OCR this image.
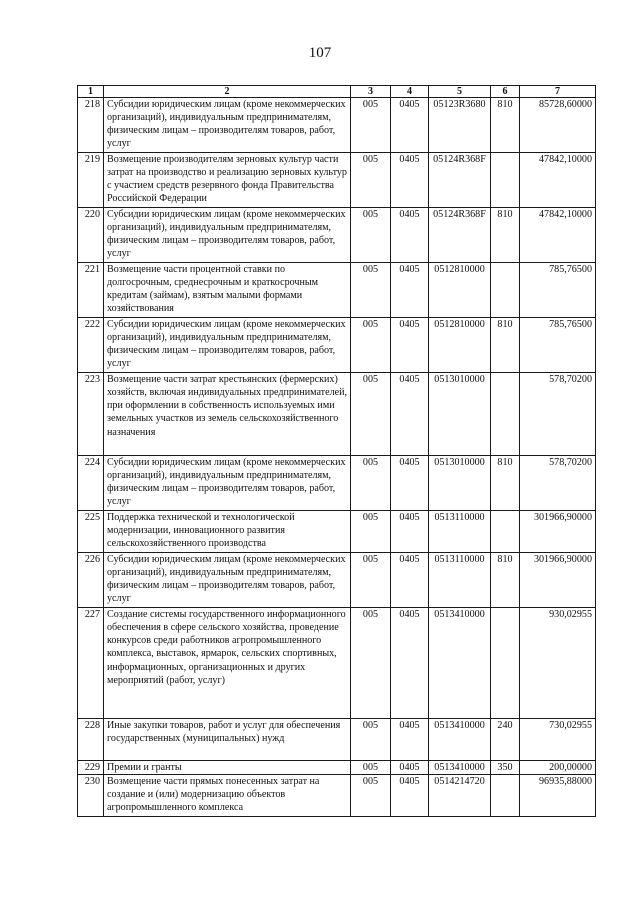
107
1	2	3	4	5	6	7
218	Субсидии юридическим лицам (кроме некоммерческих организаций), индивидуальным предпринимателям, физическим лицам – производителям товаров, работ, услуг	005	0405	05123R3680	810	85728,60000
219	Возмещение производителям зерновых культур части затрат на производство и реализацию зерновых культур с участием средств резервного фонда Правительства Российской Федерации	005	0405	05124R368F		47842,10000
220	Субсидии юридическим лицам (кроме некоммерческих организаций), индивидуальным предпринимателям, физическим лицам – производителям товаров, работ, услуг	005	0405	05124R368F	810	47842,10000
221	Возмещение части процентной ставки по долгосрочным, среднесрочным и краткосрочным кредитам (займам), взятым малыми формами хозяйствования	005	0405	0512810000		785,76500
222	Субсидии юридическим лицам (кроме некоммерческих организаций), индивидуальным предпринимателям, физическим лицам – производителям товаров, работ, услуг	005	0405	0512810000	810	785,76500
223	Возмещение части затрат крестьянских (фермерских) хозяйств, включая индивидуальных предпринимателей, при оформлении в собственность используемых ими земельных участков из земель сельскохозяйственного назначения	005	0405	0513010000		578,70200
224	Субсидии юридическим лицам (кроме некоммерческих организаций), индивидуальным предпринимателям, физическим лицам – производителям товаров, работ, услуг	005	0405	0513010000	810	578,70200
225	Поддержка технической и технологической модернизации, инновационного развития сельскохозяйственного производства	005	0405	0513110000		301966,90000
226	Субсидии юридическим лицам (кроме некоммерческих организаций), индивидуальным предпринимателям, физическим лицам – производителям товаров, работ, услуг	005	0405	0513110000	810	301966,90000
227	Создание системы государственного информационного обеспечения в сфере сельского хозяйства, проведение конкурсов среди работников агропромышленного комплекса, выставок, ярмарок, сельских спортивных, информационных, организационных и других мероприятий (работ, услуг)	005	0405	0513410000		930,02955
228	Иные закупки товаров, работ и услуг для обеспечения государственных (муниципальных) нужд	005	0405	0513410000	240	730,02955
229	Премии и гранты	005	0405	0513410000	350	200,00000
230	Возмещение части прямых понесенных затрат на создание и (или) модернизацию объектов агропромышленного комплекса	005	0405	0514214720		96935,88000
